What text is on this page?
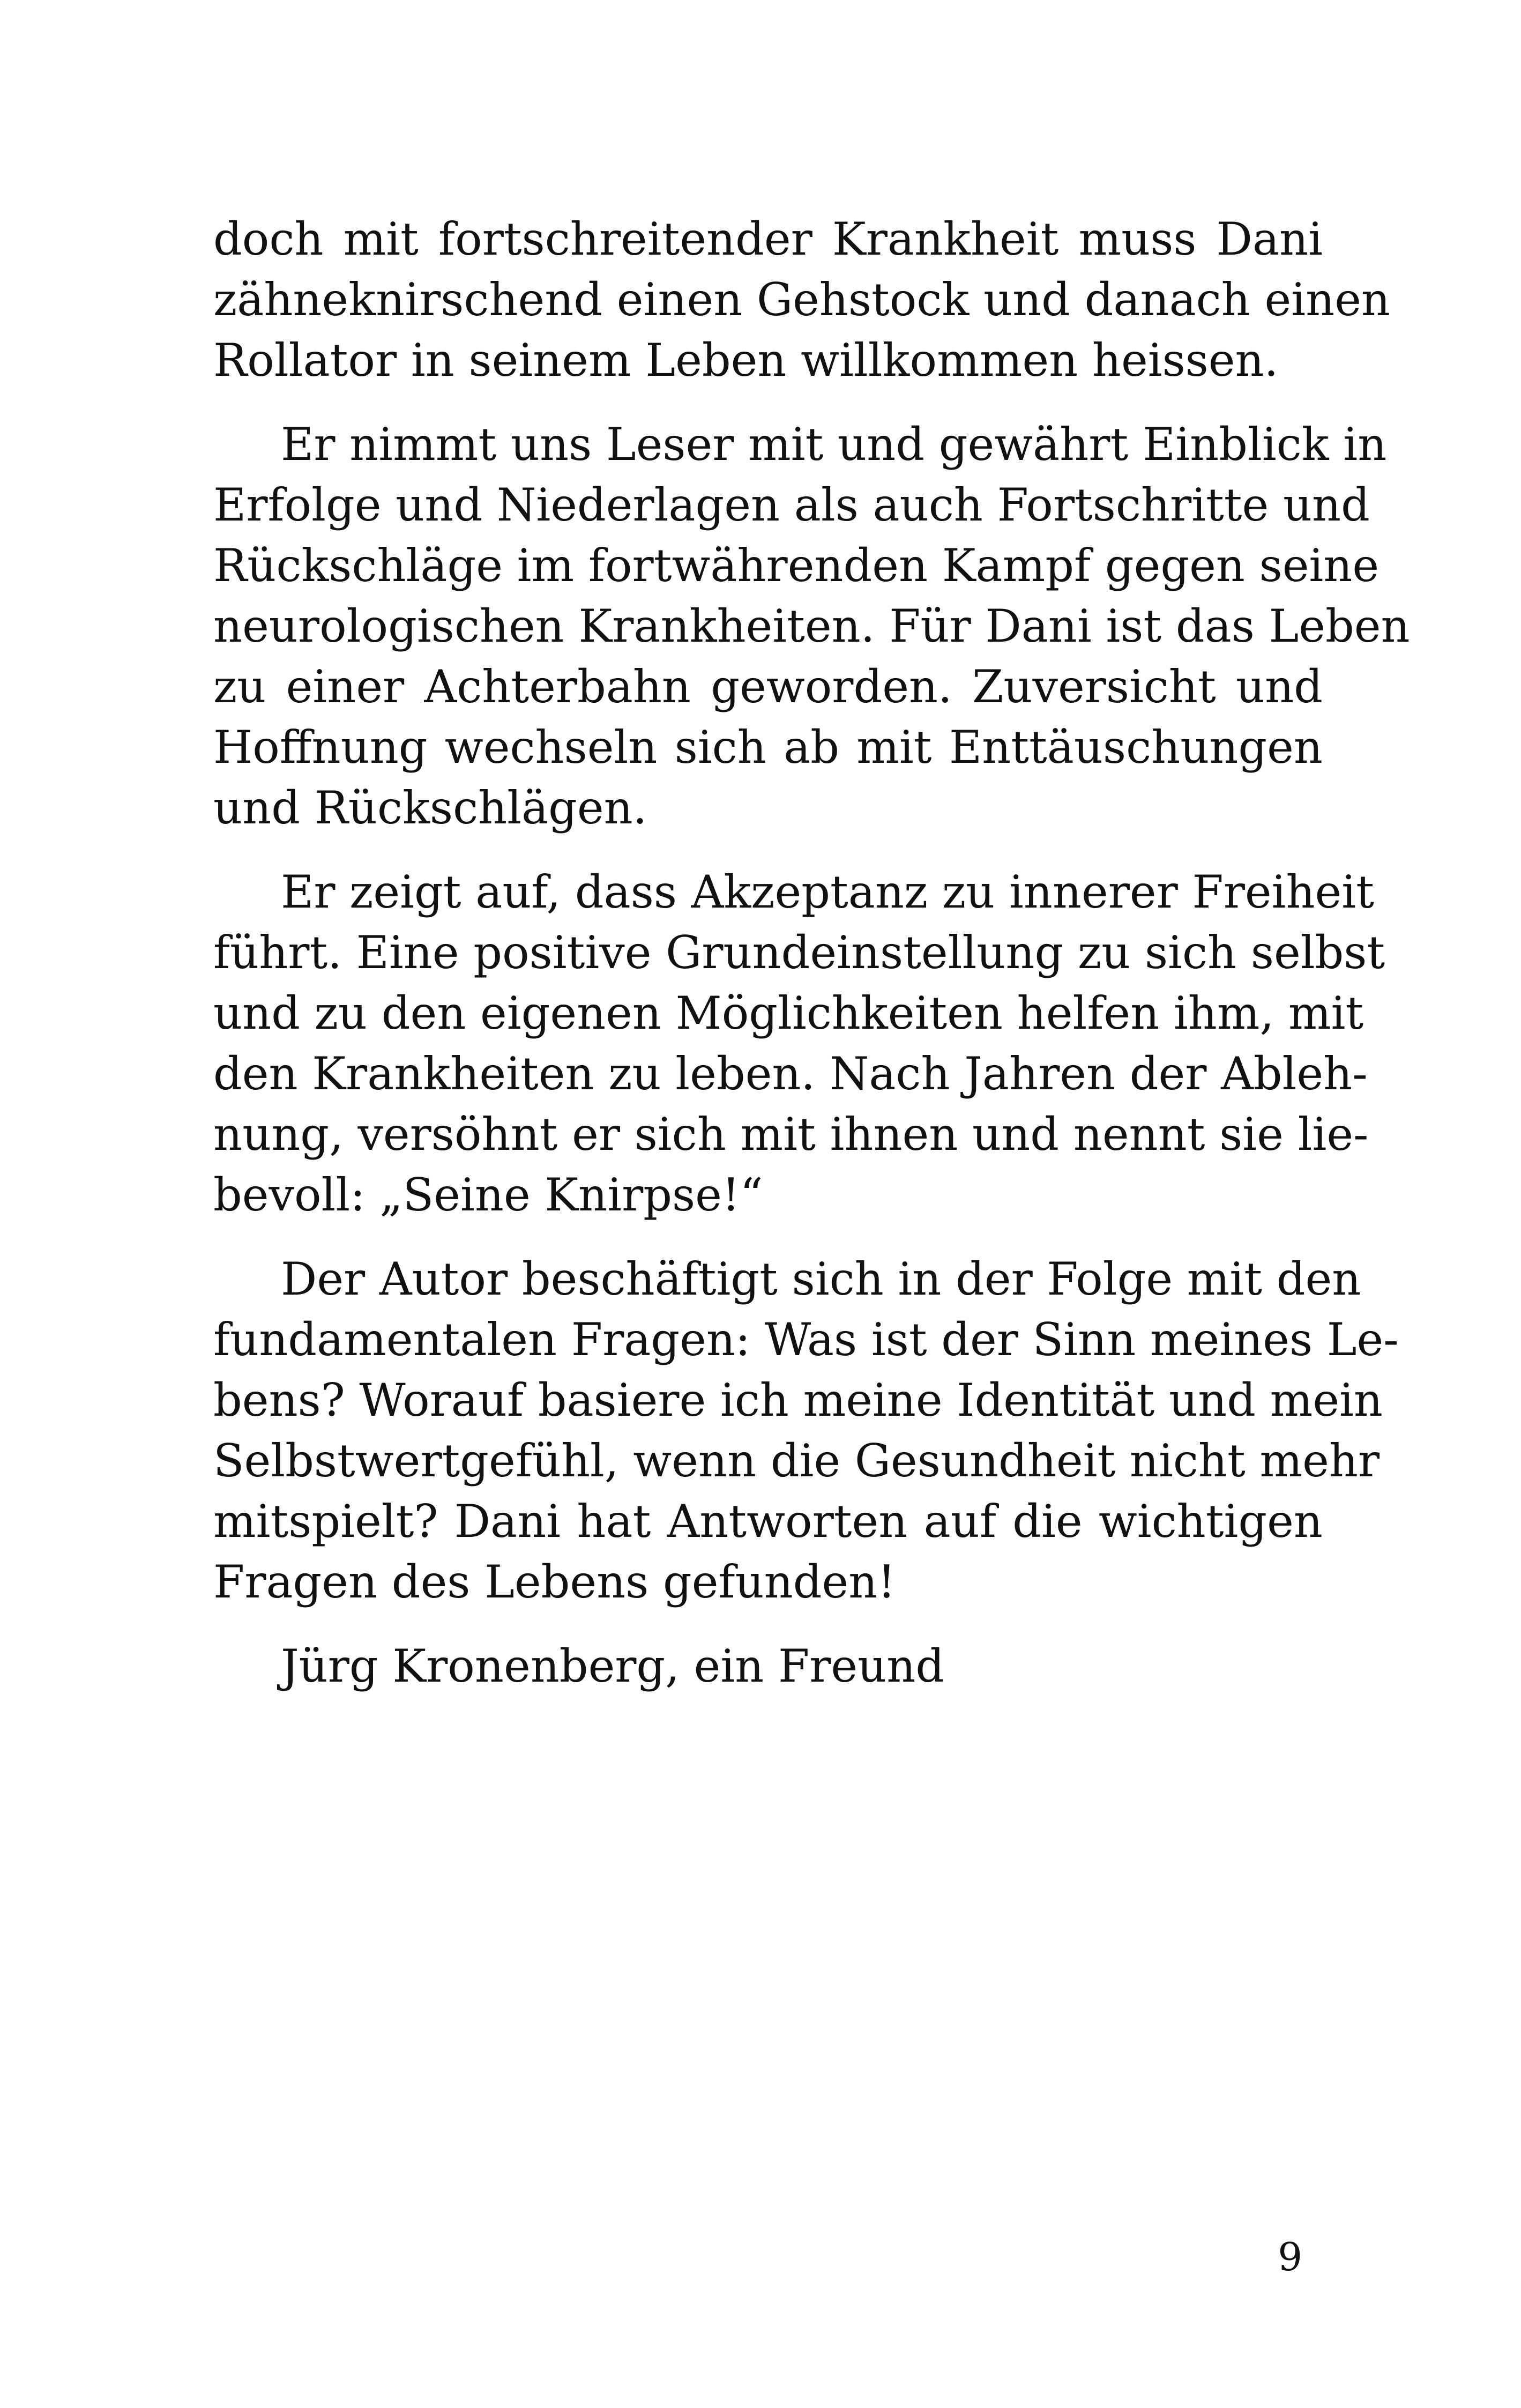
doch mit fortschreitender Krankheit muss Dani
zähneknirschend einen Gehstock und danach einen
Rollator in seinem Leben willkommen heissen.

Er nimmt uns Leser mit und gewährt Einblick in
Erfolge und Niederlagen als auch Fortschritte und
Rückschläge im fortwährenden Kampf gegen seine
neurologischen Krankheiten. Für Dani ist das Leben
zu einer Achterbahn geworden. Zuversicht und
Hoffnung wechseln sich ab mit Enttäuschungen
und Rückschlägen.

Er zeigt auf, dass Akzeptanz zu innerer Freiheit
führt. Eine positive Grundeinstellung zu sich selbst
und zu den eigenen Möglichkeiten helfen ihm, mit
den Krankheiten zu leben. Nach Jahren der Ableh-
nung, versöhnt er sich mit ihnen und nennt sie lie-
bevoll: „Seine Knirpse!“

Der Autor beschäftigt sich in der Folge mit den
fundamentalen Fragen: Was ist der Sinn meines Le-
bens? Worauf basiere ich meine Identität und mein
Selbstwertgefühl, wenn die Gesundheit nicht mehr
mitspielt? Dani hat Antworten auf die wichtigen
Fragen des Lebens gefunden!

Jürg Kronenberg, ein Freund

9
